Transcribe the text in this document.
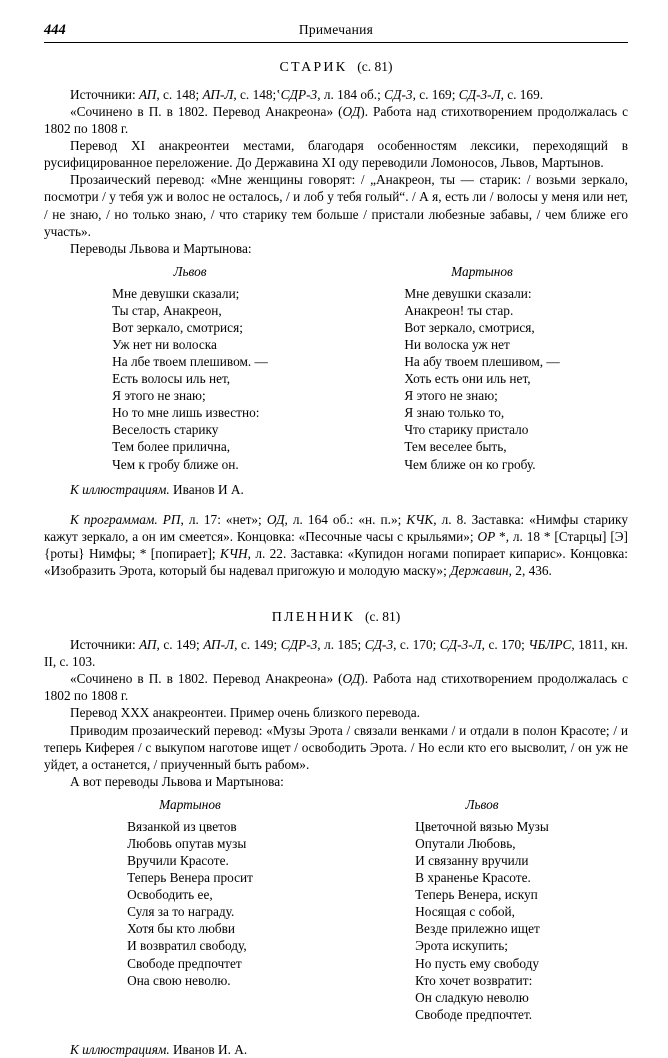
444	Примечания
СТАРИК (с. 81)

Источники: АП, с. 148; АП-Л, с. 148;‛СДР-3, л. 184 об.; СД-3, с. 169; СД-3-Л, с. 169.

«Сочинено в П. в 1802. Перевод Анакреона» (ОД). Работа над стихотворением продолжалась с 1802 по 1808 г.

Перевод XI анакреонтеи местами, благодаря особенностям лексики, переходящий в русифицированное переложение. До Державина XI оду переводили Ломоносов, Львов, Мартынов.

Прозаический перевод: «Мне женщины говорят: / „Анакреон, ты — старик: / возьми зеркало, посмотри / у тебя уж и волос не осталось, / и лоб у тебя голый“. / А я, есть ли / волосы у меня или нет, / не знаю, / но только знаю, / что старику тем больше / пристали любезные забавы, / чем ближе его участь».

Переводы Львова и Мартынова:

Львов
Мне девушки сказали;
Ты стар, Анакреон,
Вот зеркало, смотрися;
Уж нет ни волоска
На лбе твоем плешивом. —
Есть волосы иль нет,
Я этого не знаю;
Но то мне лишь известно:
Веселость старику
Тем более прилична,
Чем к гробу ближе он.
Мартынов
Мне девушки сказали:
Анакреон! ты стар.
Вот зеркало, смотрися,
Ни волоска уж нет
На абу твоем плешивом, —
Хоть есть они иль нет,
Я этого не знаю;
Я знаю только то,
Что старику пристало
Тем веселее быть,
Чем ближе он ко гробу.

К иллюстрациям. Иванов И А.

К программам. РП, л. 17: «нет»; ОД, л. 164 об.: «н. п.»; КЧК, л. 8. Заставка: «Нимфы старику кажут зеркало, а он им смеется». Концовка: «Песочные часы с крыльями»; ОР *, л. 18 * [Старцы] [Э]{роты} Нимфы; * [попирает]; КЧН, л. 22. Заставка: «Купидон ногами попирает кипарис». Концовка: «Изобразить Эрота, который бы надевал пригожую и молодую маску»; Державин, 2, 436.

ПЛЕННИК (с. 81)

Источники: АП, с. 149; АП-Л, с. 149; СДР-3, л. 185; СД-3, с. 170; СД-3-Л, с. 170; ЧБЛРС, 1811, кн. II, с. 103.

«Сочинено в П. в 1802. Перевод Анакреона» (ОД). Работа над стихотворением продолжалась с 1802 по 1808 г.

Перевод XXX анакреонтеи. Пример очень близкого перевода.

Приводим прозаический перевод: «Музы Эрота / связали венками / и отдали в полон Красоте; / и теперь Киферея / с выкупом наготове ищет / освободить Эрота. / Но если кто его высволит, / он уж не уйдет, а останется, / приученный быть рабом».

А вот переводы Львова и Мартынова:

Мартынов
Вязанкой из цветов
Любовь опутав музы
Вручили Красоте.
Теперь Венера просит
Освободить ее,
Суля за то награду.
Хотя бы кто любви
И возвратил свободу,
Свободе предпочтет
Она свою неволю.
Львов
Цветочной вязью Музы
Опутали Любовь,
И связанну вручили
В храненье Красоте.
Теперь Венера, искуп
Носящая с собой,
Везде прилежно ищет
Эрота искупить;
Но пусть ему свободу
Кто хочет возвратит:
Он сладкую неволю
Свободе предпочтет.

К иллюстрациям. Иванов И. А.
